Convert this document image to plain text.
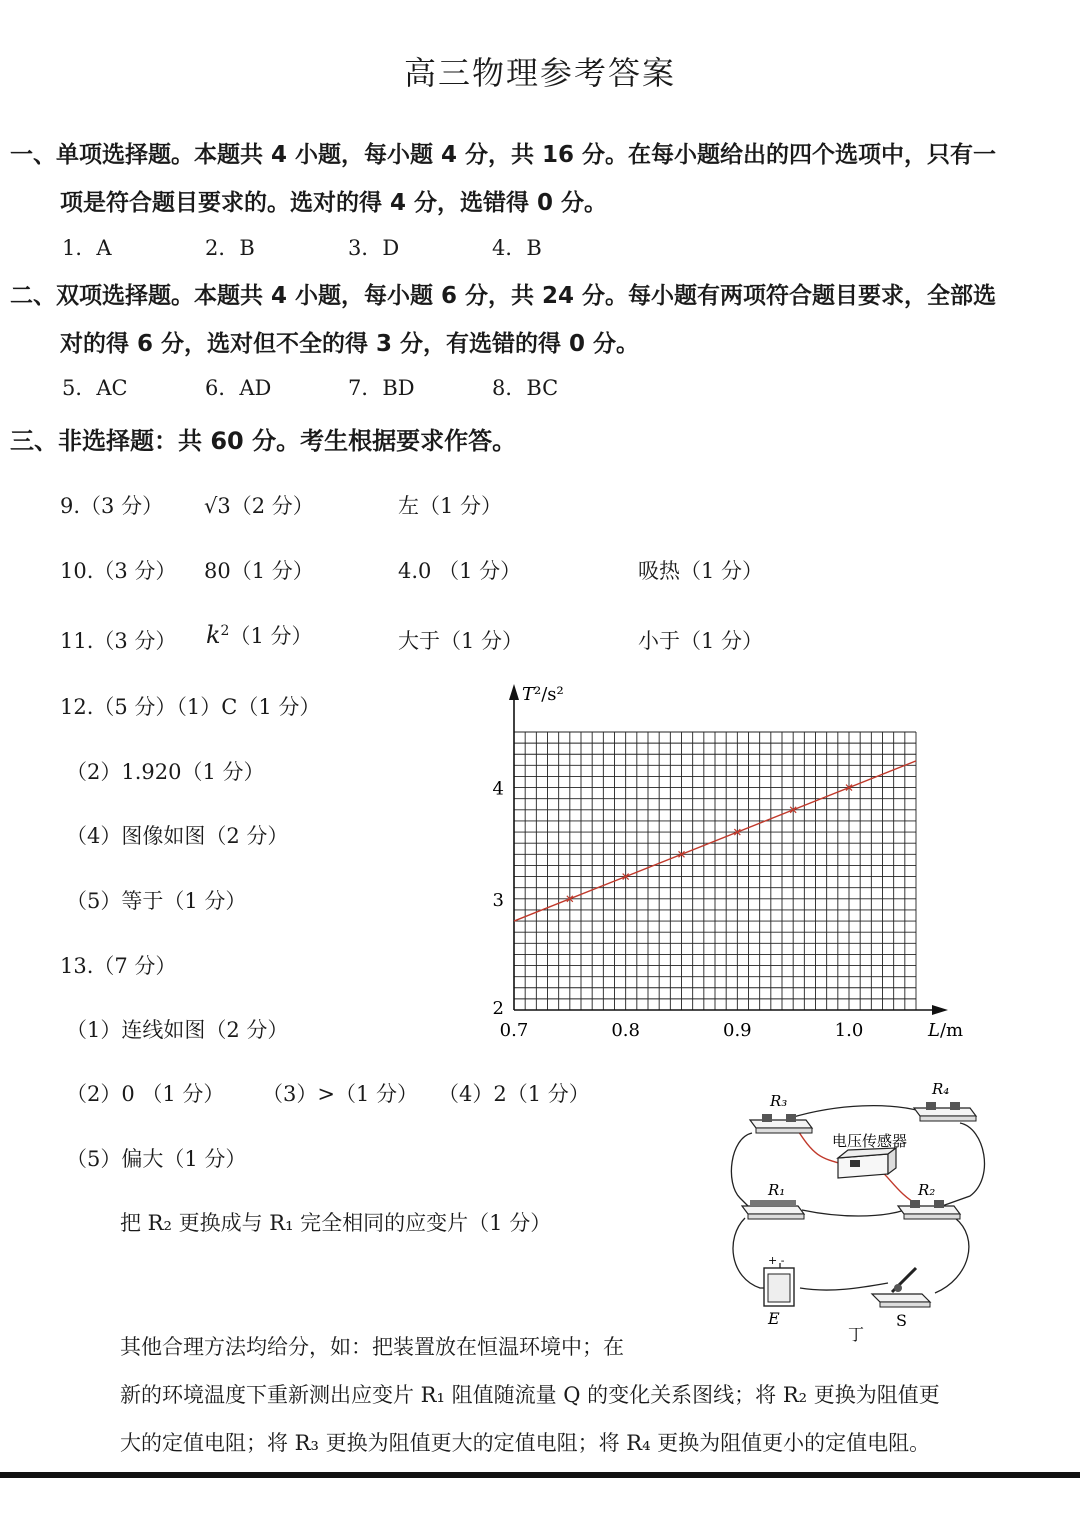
高三物理参考答案
一、单项选择题。本题共 4 小题，每小题 4 分，共 16 分。在每小题给出的四个选项中，只有一
项是符合题目要求的。选对的得 4 分，选错得 0 分。
1．A	2．B	3．D	4．B
二、双项选择题。本题共 4 小题，每小题 6 分，共 24 分。每小题有两项符合题目要求，全部选
对的得 6 分，选对但不全的得 3 分，有选错的得 0 分。
5．AC	6．AD	7．BD	8．BC
三、非选择题：共 60 分。考生根据要求作答。
9.（3 分） √3（2 分）	左（1 分）
10.（3 分） 80（1 分）	4.0 （1 分）	吸热（1 分）
11.（3 分） $k^2(1$ 分）	大于（1 分）	小于（1 分）
12.（5 分）（1）C（1 分）
（2）1.920（1 分）
（4）图像如图（2 分）
（5）等于（1 分）
13.（7 分）
（1）连线如图（2 分）
（2）0 （1 分） （3）>（1 分） （4）2（1 分）
（5）偏大（1 分）
把 R₂ 更换成与 R₁ 完全相同的应变片（1 分）
其他合理方法均给分，如：把装置放在恒温环境中；在
新的环境温度下重新测出应变片 R₁ 阻值随流量 Q 的变化关系图线；将 R₂ 更换为阻值更
大的定值电阻；将 R₃ 更换为阻值更大的定值电阻；将 R₄ 更换为阻值更小的定值电阻。
0.7	0.8	0.9	1.0
2
3
4
T²/s²
L/m
R₃
R₄
电压传感器
R₁	R₂
+ -
E
丁
S
